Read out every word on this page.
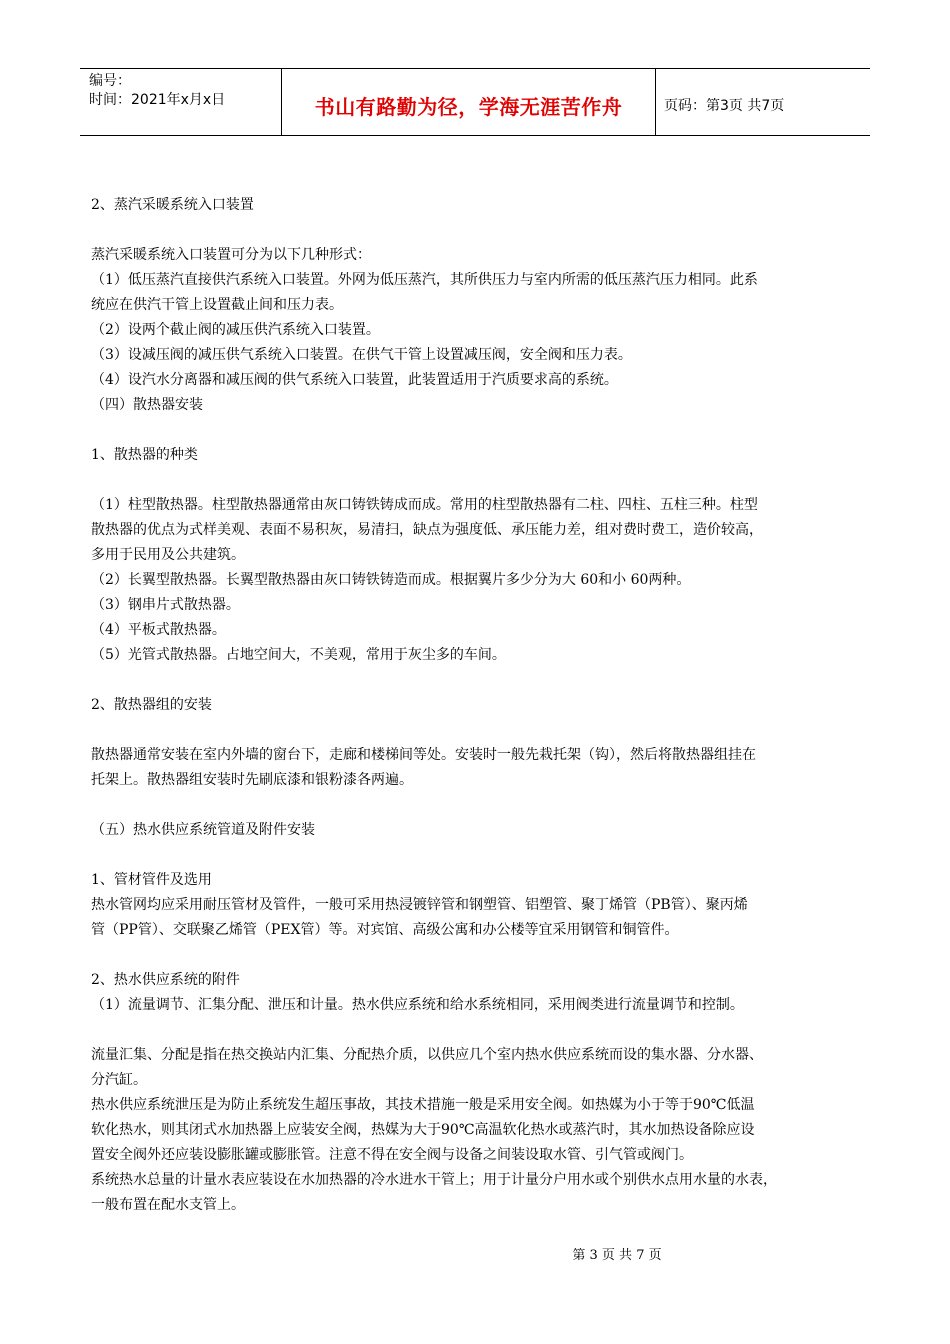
编号：
时间：2021年x月x日	书山有路勤为径，学海无涯苦作舟	页码：第3页 共7页

2、蒸汽采暖系统入口装置

蒸汽采暖系统入口装置可分为以下几种形式：

（1）低压蒸汽直接供汽系统入口装置。外网为低压蒸汽，其所供压力与室内所需的低压蒸汽压力相同。此系

统应在供汽干管上设置截止间和压力表。

（2）设两个截止阀的减压供汽系统入口装置。

（3）设减压阀的减压供气系统入口装置。在供气干管上设置减压阀，安全阀和压力表。

（4）设汽水分离器和减压阀的供气系统入口装置，此装置适用于汽质要求高的系统。

（四）散热器安装

1、散热器的种类

（1）柱型散热器。柱型散热器通常由灰口铸铁铸成而成。常用的柱型散热器有二柱、四柱、五柱三种。柱型

散热器的优点为式样美观、表面不易积灰，易清扫，缺点为强度低、承压能力差，组对费时费工，造价较高，

多用于民用及公共建筑。

（2）长翼型散热器。长翼型散热器由灰口铸铁铸造而成。根据翼片多少分为大 60和小 60两种。

（3）钢串片式散热器。

（4）平板式散热器。

（5）光管式散热器。占地空间大，不美观，常用于灰尘多的车间。

2、散热器组的安装

散热器通常安装在室内外墙的窗台下，走廊和楼梯间等处。安装时一般先栽托架（钩），然后将散热器组挂在

托架上。散热器组安装时先刷底漆和银粉漆各两遍。

（五）热水供应系统管道及附件安装

1、管材管件及选用

热水管网均应采用耐压管材及管件，一般可采用热浸镀锌管和钢塑管、铝塑管、聚丁烯管（PB管）、聚丙烯

管（PP管）、交联聚乙烯管（PEX管）等。对宾馆、高级公寓和办公楼等宜采用钢管和铜管件。

2、热水供应系统的附件

（1）流量调节、汇集分配、泄压和计量。热水供应系统和给水系统相同，采用阀类进行流量调节和控制。

流量汇集、分配是指在热交换站内汇集、分配热介质，以供应几个室内热水供应系统而设的集水器、分水器、

分汽缸。

热水供应系统泄压是为防止系统发生超压事故，其技术措施一般是采用安全阀。如热媒为小于等于90℃低温

软化热水，则其闭式水加热器上应装安全阀，热媒为大于90℃高温软化热水或蒸汽时，其水加热设备除应设

置安全阀外还应装设膨胀罐或膨胀管。注意不得在安全阀与设备之间装设取水管、引气管或阀门。

系统热水总量的计量水表应装设在水加热器的冷水进水干管上；用于计量分户用水或个别供水点用水量的水表，

一般布置在配水支管上。

第 3 页 共 7 页
